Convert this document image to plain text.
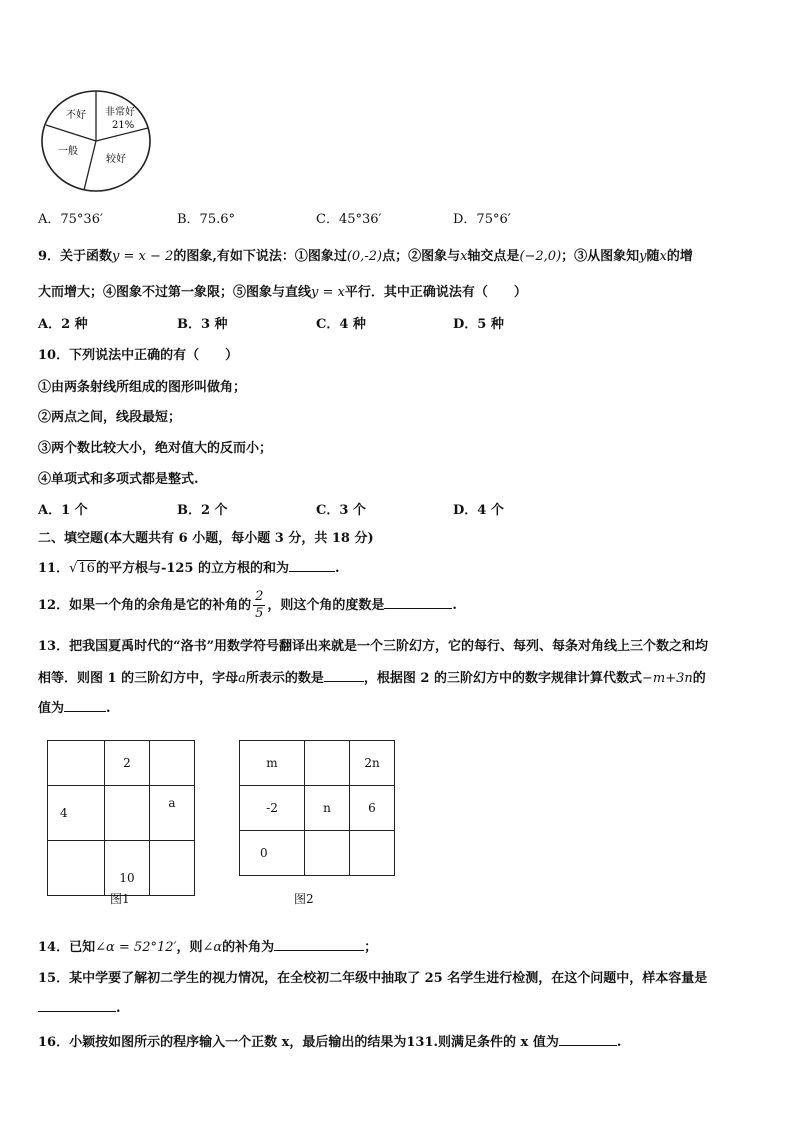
不好 非常好
21%
一般
较好
A．75°36′	B．75.6°	C．45°36′	D．75°6′
9．关于函数y = x − 2的图象,有如下说法：①图象过(0,-2)点；②图象与x轴交点是(−2,0)；③从图象知y随x的增
大而增大；④图象不过第一象限；⑤图象与直线y = x平行．其中正确说法有（　　）
A．2 种	B．3 种	C．4 种	D．5 种
10．下列说法中正确的有（　　）
①由两条射线所组成的图形叫做角；
②两点之间，线段最短；
③两个数比较大小，绝对值大的反而小；
④单项式和多项式都是整式.
A．1 个	B．2 个	C．3 个	D．4 个
二、填空题(本大题共有 6 小题，每小题 3 分，共 18 分)
11．√16的平方根与-125 的立方根的和为	.
12．如果一个角的余角是它的补角的 $\frac{2}{5}$ ，则这个角的度数是	.
13．把我国夏禹时代的“洛书”用数学符号翻译出来就是一个三阶幻方，它的每行、每列、每条对角线上三个数之和均
相等．则图 1 的三阶幻方中，字母a所表示的数是	，根据图 2 的三阶幻方中的数字规律计算代数式−m+3n的
值为	.
	2	
4		a
	10	
图1
m		2n
-2	n	6
0		
图2
14．已知∠α = 52°12′，则∠α的补角为	；
15．某中学要了解初二学生的视力情况，在全校初二年级中抽取了 25 名学生进行检测，在这个问题中，样本容量是
.
16．小颖按如图所示的程序输入一个正数 x，最后输出的结果为131.则满足条件的 x 值为	.
